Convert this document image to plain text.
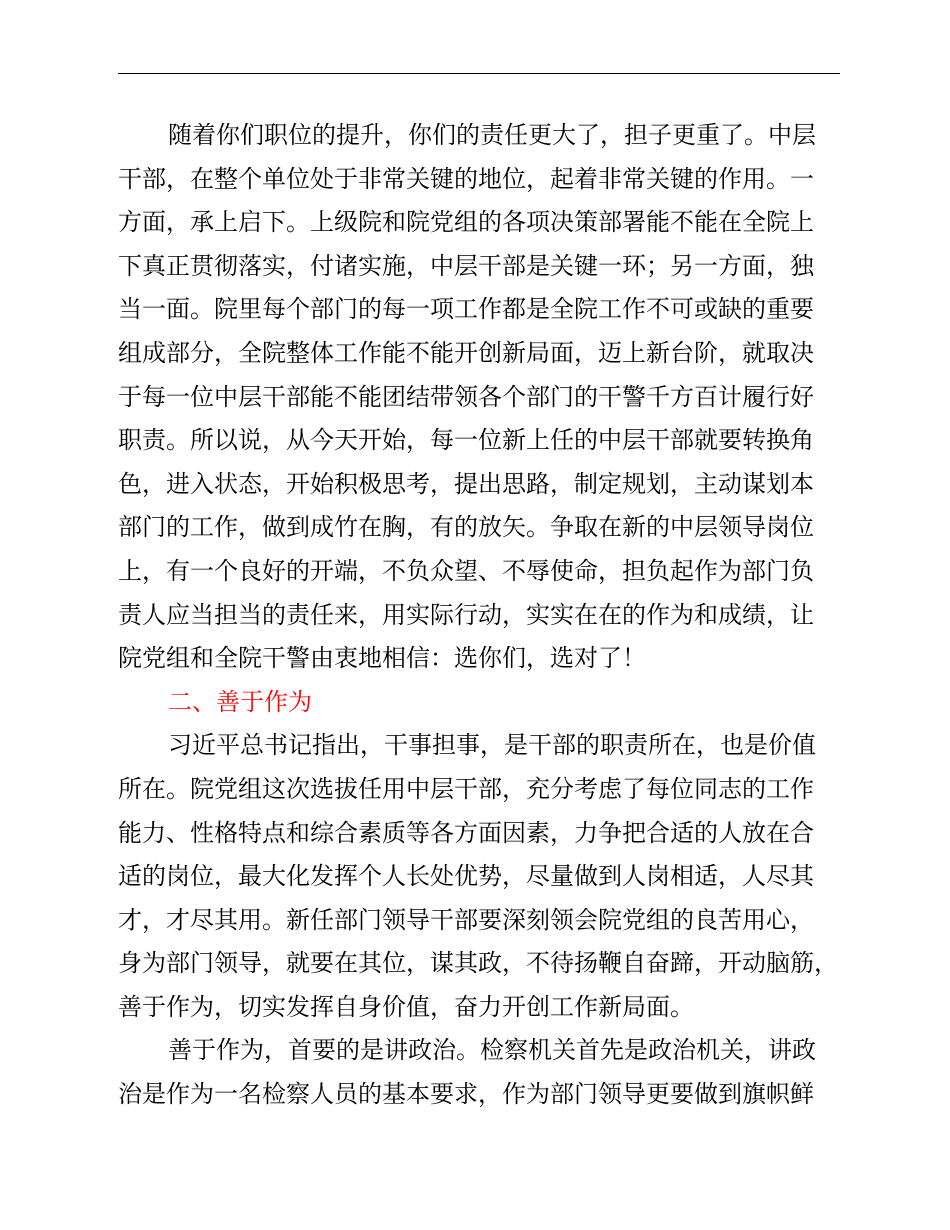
随着你们职位的提升，你们的责任更大了，担子更重了。中层
干部，在整个单位处于非常关键的地位，起着非常关键的作用。一
方面，承上启下。上级院和院党组的各项决策部署能不能在全院上
下真正贯彻落实，付诸实施，中层干部是关键一环；另一方面，独
当一面。院里每个部门的每一项工作都是全院工作不可或缺的重要
组成部分，全院整体工作能不能开创新局面，迈上新台阶，就取决
于每一位中层干部能不能团结带领各个部门的干警千方百计履行好
职责。所以说，从今天开始，每一位新上任的中层干部就要转换角
色，进入状态，开始积极思考，提出思路，制定规划，主动谋划本
部门的工作，做到成竹在胸，有的放矢。争取在新的中层领导岗位
上，有一个良好的开端，不负众望、不辱使命，担负起作为部门负
责人应当担当的责任来，用实际行动，实实在在的作为和成绩，让
院党组和全院干警由衷地相信：选你们，选对了！
二、善于作为
习近平总书记指出，干事担事，是干部的职责所在，也是价值
所在。院党组这次选拔任用中层干部，充分考虑了每位同志的工作
能力、性格特点和综合素质等各方面因素，力争把合适的人放在合
适的岗位，最大化发挥个人长处优势，尽量做到人岗相适，人尽其
才，才尽其用。新任部门领导干部要深刻领会院党组的良苦用心，
身为部门领导，就要在其位，谋其政，不待扬鞭自奋蹄，开动脑筋，
善于作为，切实发挥自身价值，奋力开创工作新局面。
善于作为，首要的是讲政治。检察机关首先是政治机关，讲政
治是作为一名检察人员的基本要求，作为部门领导更要做到旗帜鲜
